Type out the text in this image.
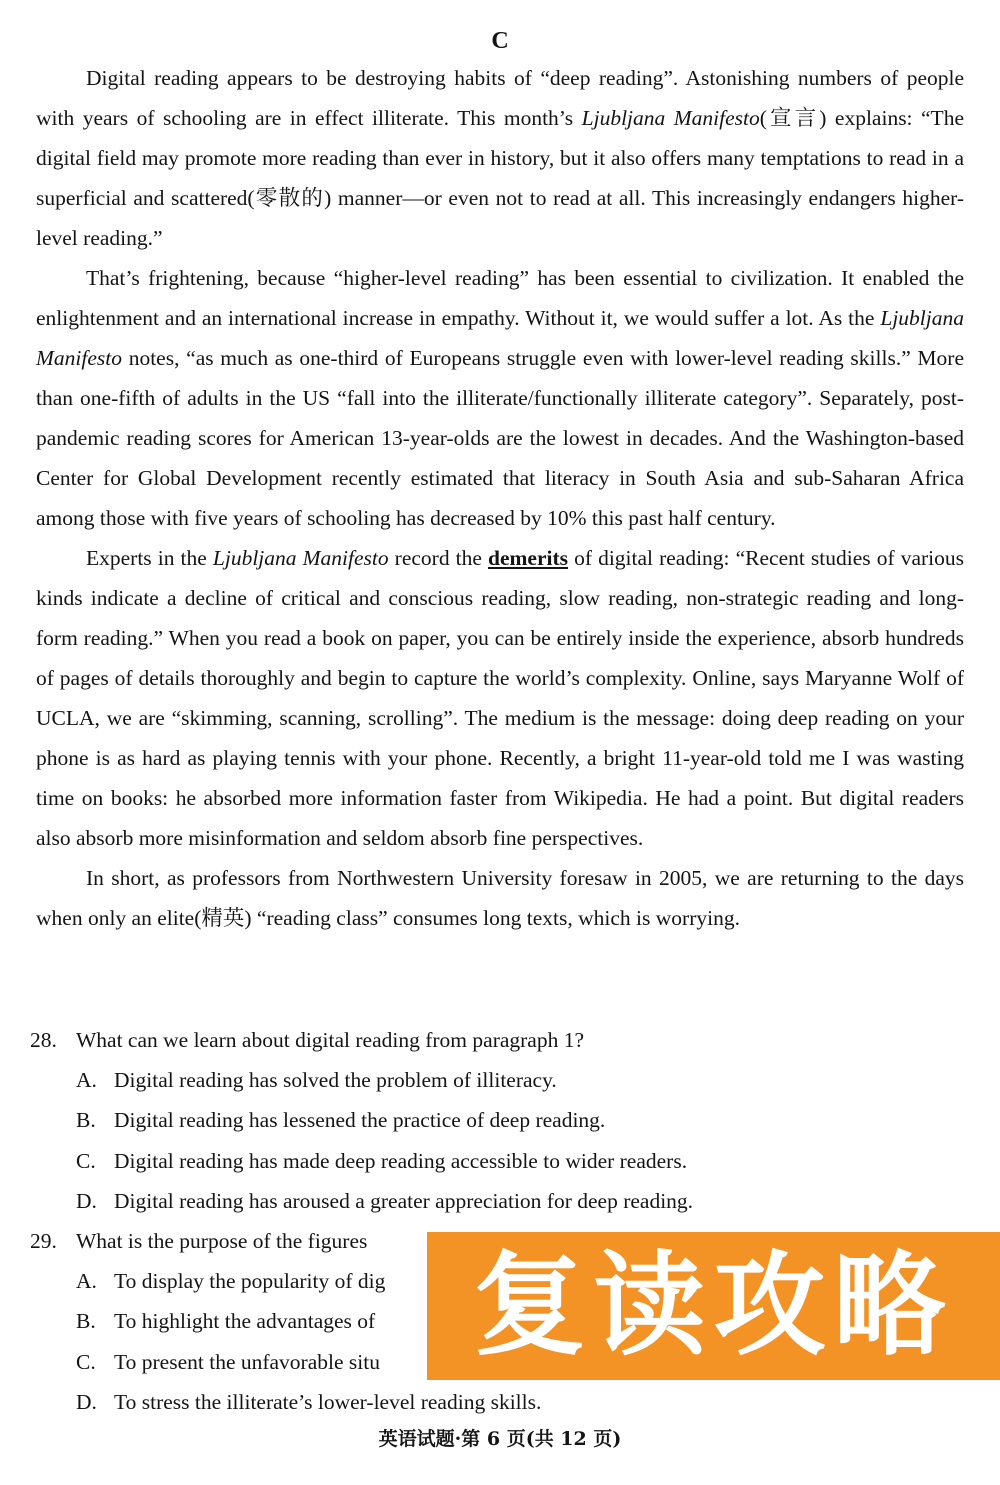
C

Digital reading appears to be destroying habits of “deep reading”. Astonishing numbers of people with years of schooling are in effect illiterate. This month’s Ljubljana Manifesto(宣言) explains: “The digital field may promote more reading than ever in history, but it also offers many temptations to read in a superficial and scattered(零散的) manner—or even not to read at all. This increasingly endangers higher-level reading.”

That’s frightening, because “higher-level reading” has been essential to civilization. It enabled the enlightenment and an international increase in empathy. Without it, we would suffer a lot. As the Ljubljana Manifesto notes, “as much as one-third of Europeans struggle even with lower-level reading skills.” More than one-fifth of adults in the US “fall into the illiterate/functionally illiterate category”. Separately, post-pandemic reading scores for American 13-year-olds are the lowest in decades. And the Washington-based Center for Global Development recently estimated that literacy in South Asia and sub-Saharan Africa among those with five years of schooling has decreased by 10% this past half century.

Experts in the Ljubljana Manifesto record the demerits of digital reading: “Recent studies of various kinds indicate a decline of critical and conscious reading, slow reading, non-strategic reading and long-form reading.” When you read a book on paper, you can be entirely inside the experience, absorb hundreds of pages of details thoroughly and begin to capture the world’s complexity. Online, says Maryanne Wolf of UCLA, we are “skimming, scanning, scrolling”. The medium is the message: doing deep reading on your phone is as hard as playing tennis with your phone. Recently, a bright 11-year-old told me I was wasting time on books: he absorbed more information faster from Wikipedia. He had a point. But digital readers also absorb more misinformation and seldom absorb fine perspectives.

In short, as professors from Northwestern University foresaw in 2005, we are returning to the days when only an elite(精英) “reading class” consumes long texts, which is worrying.

28. What can we learn about digital reading from paragraph 1?

A. Digital reading has solved the problem of illiteracy.

B. Digital reading has lessened the practice of deep reading.

C. Digital reading has made deep reading accessible to wider readers.

D. Digital reading has aroused a greater appreciation for deep reading.

29. What is the purpose of the figures

A. To display the popularity of dig

B. To highlight the advantages of

C. To present the unfavorable situ

D. To stress the illiterate’s lower-level reading skills.

复读攻略
英语试题·第 6 页(共 12 页)
